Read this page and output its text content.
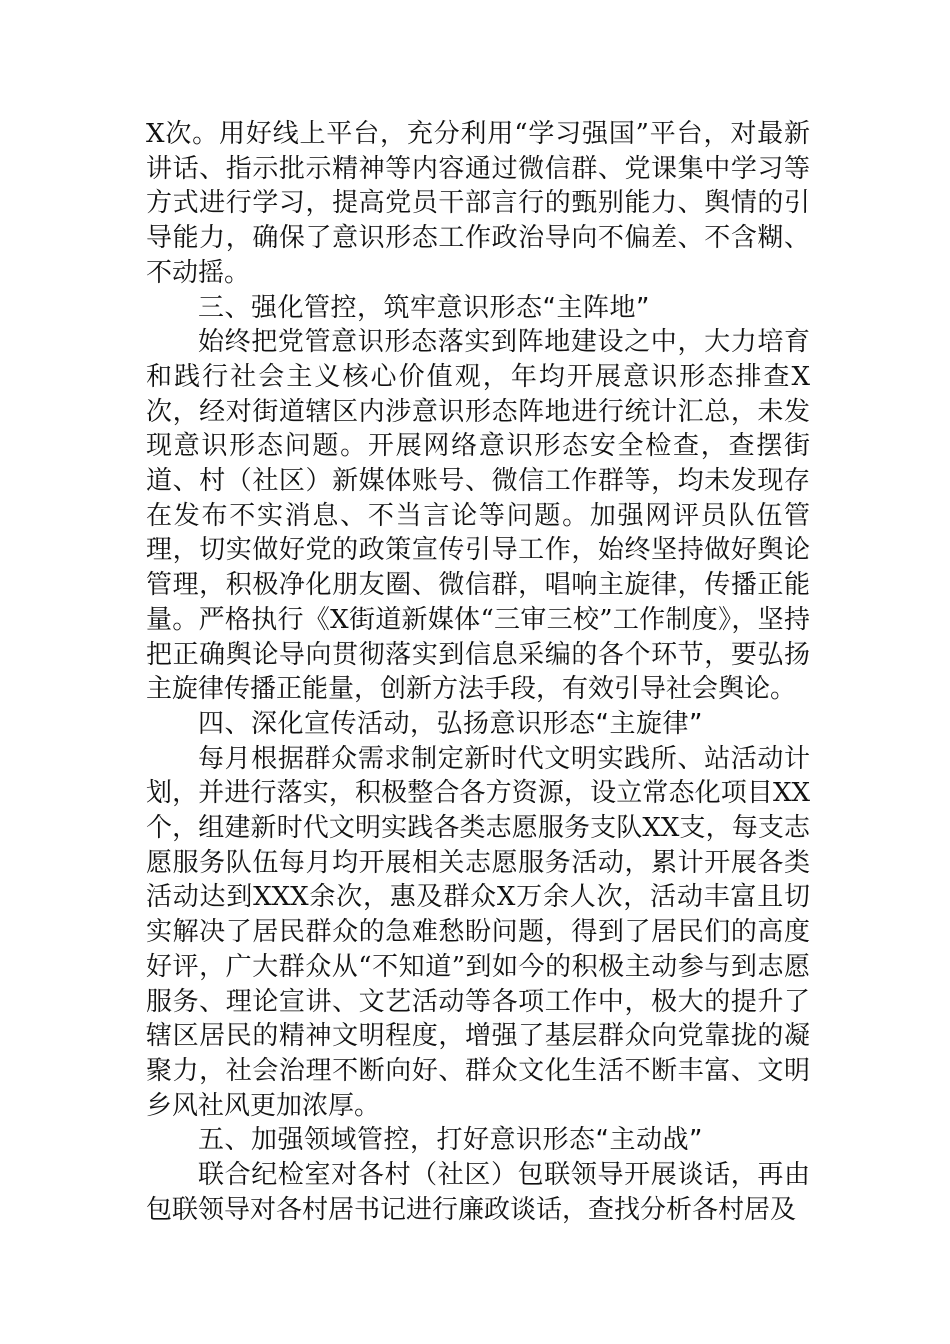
X次。用好线上平台，充分利用“学习强国”平台，对最新讲话、指示批示精神等内容通过微信群、党课集中学习等方式进行学习，提高党员干部言行的甄别能力、舆情的引导能力，确保了意识形态工作政治导向不偏差、不含糊、不动摇。

三、强化管控，筑牢意识形态“主阵地”

始终把党管意识形态落实到阵地建设之中，大力培育和践行社会主义核心价值观，年均开展意识形态排查X次，经对街道辖区内涉意识形态阵地进行统计汇总，未发现意识形态问题。开展网络意识形态安全检查，查摆街道、村（社区）新媒体账号、微信工作群等，均未发现存在发布不实消息、不当言论等问题。加强网评员队伍管理，切实做好党的政策宣传引导工作，始终坚持做好舆论管理，积极净化朋友圈、微信群，唱响主旋律，传播正能量。严格执行《X街道新媒体“三审三校”工作制度》，坚持把正确舆论导向贯彻落实到信息采编的各个环节，要弘扬主旋律传播正能量，创新方法手段，有效引导社会舆论。

四、深化宣传活动，弘扬意识形态“主旋律”

每月根据群众需求制定新时代文明实践所、站活动计划，并进行落实，积极整合各方资源，设立常态化项目XX个，组建新时代文明实践各类志愿服务支队XX支，每支志愿服务队伍每月均开展相关志愿服务活动，累计开展各类活动达到XXX余次，惠及群众X万余人次，活动丰富且切实解决了居民群众的急难愁盼问题，得到了居民们的高度好评，广大群众从“不知道”到如今的积极主动参与到志愿服务、理论宣讲、文艺活动等各项工作中，极大的提升了辖区居民的精神文明程度，增强了基层群众向党靠拢的凝聚力，社会治理不断向好、群众文化生活不断丰富、文明乡风社风更加浓厚。

五、加强领域管控，打好意识形态“主动战”

联合纪检室对各村（社区）包联领导开展谈话，再由包联领导对各村居书记进行廉政谈话，查找分析各村居及
